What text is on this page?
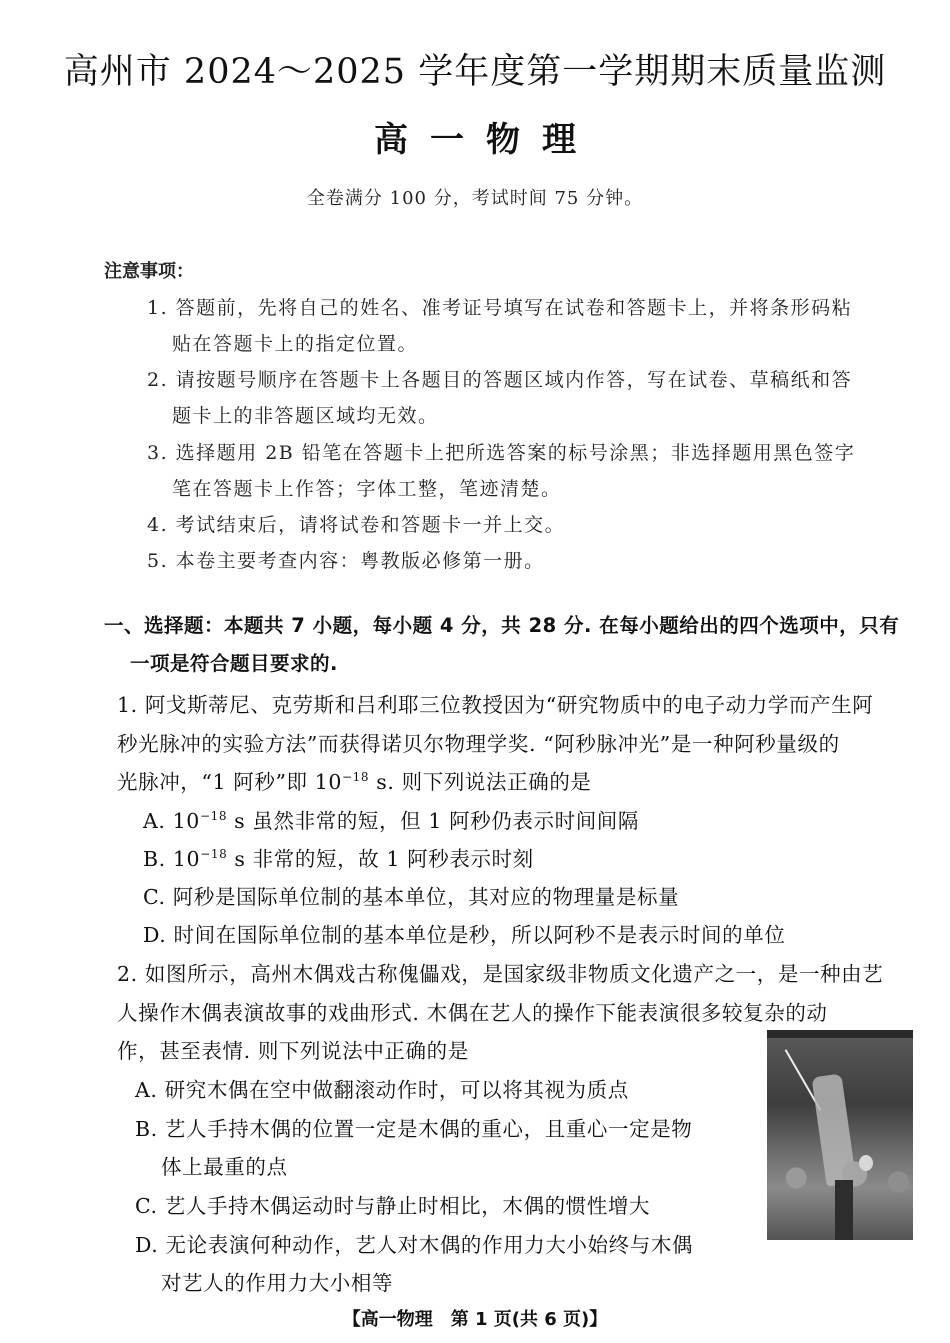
高州市 2024～2025 学年度第一学期期末质量监测
高一物理
全卷满分 100 分，考试时间 75 分钟。
注意事项：
1. 答题前，先将自己的姓名、准考证号填写在试卷和答题卡上，并将条形码粘
贴在答题卡上的指定位置。
2. 请按题号顺序在答题卡上各题目的答题区域内作答，写在试卷、草稿纸和答
题卡上的非答题区域均无效。
3. 选择题用 2B 铅笔在答题卡上把所选答案的标号涂黑；非选择题用黑色签字
笔在答题卡上作答；字体工整，笔迹清楚。
4. 考试结束后，请将试卷和答题卡一并上交。
5. 本卷主要考查内容：粤教版必修第一册。
一、选择题：本题共 7 小题，每小题 4 分，共 28 分. 在每小题给出的四个选项中，只有
一项是符合题目要求的.
1. 阿戈斯蒂尼、克劳斯和吕利耶三位教授因为“研究物质中的电子动力学而产生阿
秒光脉冲的实验方法”而获得诺贝尔物理学奖. “阿秒脉冲光”是一种阿秒量级的
光脉冲，“1 阿秒”即 $10^{-18}$ s. 则下列说法正确的是
A. $10^{-18}$ s 虽然非常的短，但 1 阿秒仍表示时间间隔
B. $10^{-18}$ s 非常的短，故 1 阿秒表示时刻
C. 阿秒是国际单位制的基本单位，其对应的物理量是标量
D. 时间在国际单位制的基本单位是秒，所以阿秒不是表示时间的单位
2. 如图所示，高州木偶戏古称傀儡戏，是国家级非物质文化遗产之一，是一种由艺
人操作木偶表演故事的戏曲形式. 木偶在艺人的操作下能表演很多较复杂的动
作，甚至表情. 则下列说法中正确的是
A. 研究木偶在空中做翻滚动作时，可以将其视为质点
B. 艺人手持木偶的位置一定是木偶的重心，且重心一定是物
体上最重的点
C. 艺人手持木偶运动时与静止时相比，木偶的惯性增大
D. 无论表演何种动作，艺人对木偶的作用力大小始终与木偶
对艺人的作用力大小相等
【高一物理　第 1 页(共 6 页)】
